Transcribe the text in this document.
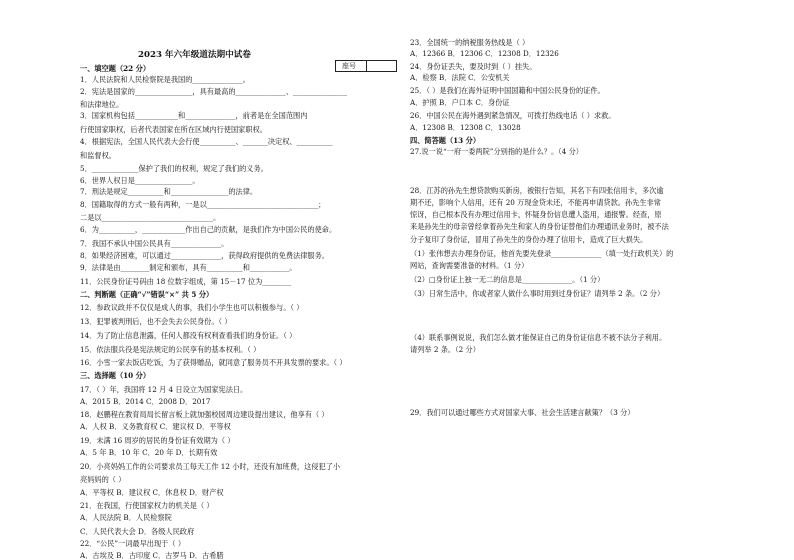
2023 年六年级道法期中试卷
座号
一、填空题（22 分）
1．人民法院和人民检察院是我国的______________。
2．宪法是国家的________________，具有最高的______________、_______________
和法律地位。
3．国家机构包括____________和______________，前者是在全国范围内
行使国家职权，后者代表国家在所在区域内行使国家职权。
4．根据宪法，全国人民代表大会行使__________、_______决定权、__________
和监督权。
5．_____________保护了我们的权利，规定了我们的义务。
6．世界人权日是________________。
7．刑法是规定__________和________________的法律。
8．国籍取得的方式一般有两种，一是以_______________________________；
二是以_______________________________。
6．为__________，____________作出自己的贡献，是我们作为中国公民的使命。
7．我国不承认中国公民具有______________。
8．如果经济困难，可以通过______________，获得政府提供的免费法律服务。
9．法律是由________制定和颁布，具有__________和___________。
11．公民身份证号码由 18 位数字组成，第 15－17 位为________
二、判断题（正确“√”错误“×” 共 5 分）
12．参政议政并不仅仅是成人的事，我们小学生也可以积极参与。（ ）
13．犯罪被判刑后，也不会失去公民身份。（ ）
14．为了防止信息泄露，任何人都没有权利查看我们的身份证。（ ）
15．依法服兵役是宪法规定的公民享有的基本权利。（ ）
16．小雪一家去饭店吃饭，为了获得赠品，就同意了服务员不开具发票的要求。（ ）
三、选择题（10 分）
17．（ ）年，我国将 12 月 4 日设立为国家宪法日。
A．2015 B．2014 C．2008 D．2017
18．赵鹏程在教育局局长留言板上就加强校园周边建设提出建议，他享有（ ）
A．人权 B．义务教育权 C．建议权 D．平等权
19．未满 16 周岁的居民的身份证有效期为（ ）
A．5 年 B．10 年 C．20 年 D．长期有效
20．小亮妈妈工作的公司要求员工每天工作 12 小时，还没有加班费，这侵犯了小
亮妈妈的（ ）
A．平等权 B．建议权 C．休息权 D．财产权
21．在我国，行使国家权力的机关是（ ）
A．人民法院 B．人民检察院
C．人民代表大会 D．各级人民政府
22．“公民”一词最早出现于（ ）
A．古埃及 B．古印度 C．古罗马 D．古希腊
23．全国统一的纳税服务热线是（ ）
A．12366 B．12306 C．12308 D．12326
24．身份证丢失，要及时到（ ）挂失。
A．检察 B．法院 C．公安机关
25．（ ）是我们在海外证明中国国籍和中国公民身份的证件。
A．护照 B．户口本 C．身份证
26．中国公民在海外遇到紧急情况，可拨打热线电话（ ）求救。
A．12308 B．12308 C．13028
四、简答题（13 分）
27.说一说“一府一委两院”分别指的是什么？。（4 分）
28．江苏的孙先生想贷款购买新房，被银行告知，其名下有四张信用卡，多次逾
期不还，影响个人信用，还有 20 万现金贷未还，不能再申请贷款。孙先生非常
惊讶，自己根本没有办理过信用卡，怀疑身份信息遭人盗用，通报警。经查，原
来是孙先生的母亲曾经拿着孙先生和家人的身份证替他们办理通讯业务时，被不法
分子复印了身份证，冒用了孙先生的身份办理了信用卡，造成了巨大损失。
（1）张伟想去办理身份证，他首先要先登录______________（填一处行政机关）的
网站，查询需要准备的材料。（1 分）
（2）□身份证上独一无二的信息是______________。（1 分）
（3）日常生活中，你或者家人做什么事时用到过身份证？请列举 2 条。（2 分）
（4）联系事例说说，我们怎么做才能保证自己的身份证信息不被不法分子利用。
请列举 2 条。（2 分）
29．我们可以通过哪些方式对国家大事、社会生活建言献策？（3 分）
